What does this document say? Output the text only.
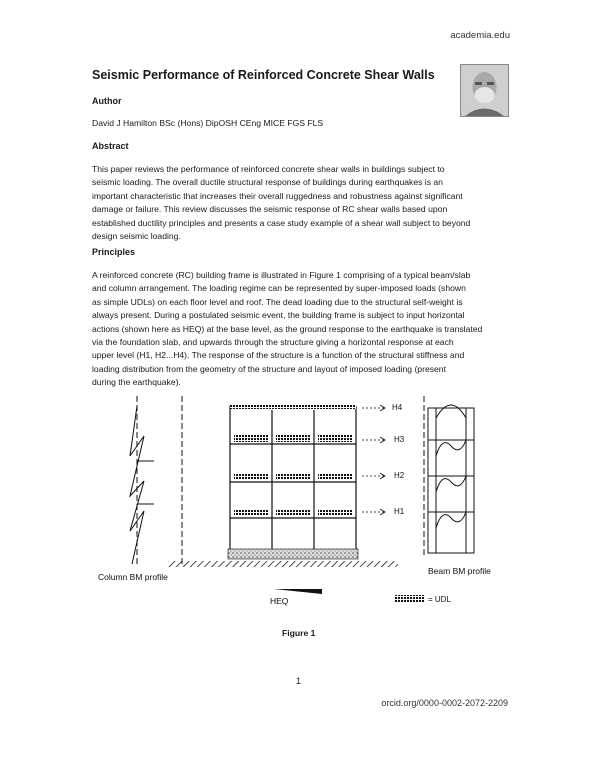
academia.edu
Seismic Performance of Reinforced Concrete Shear Walls
Author
David J Hamilton BSc (Hons) DipOSH CEng MICE FGS FLS
Abstract
This paper reviews the performance of reinforced concrete shear walls in buildings subject to
seismic loading. The overall ductile structural response of buildings during earthquakes is an
important characteristic that increases their overall ruggedness and robustness against significant
damage or failure. This review discusses the seismic response of RC shear walls based upon
established ductility principles and presents a case study example of a shear wall subject to beyond
design seismic loading.
Principles
A reinforced concrete (RC) building frame is illustrated in Figure 1 comprising of a typical beam/slab
and column arrangement. The loading regime can be represented by super-imposed loads (shown
as simple UDLs) on each floor level and roof. The dead loading due to the structural self-weight is
always present. During a postulated seismic event, the building frame is subject to input horizontal
actions (shown here as HEQ) at the base level, as the ground response to the earthquake is translated
via the foundation slab, and upwards through the structure giving a horizontal response at each
upper level (H1, H2...H4). The response of the structure is a function of the structural stiffness and
loading distribution from the geometry of the structure and layout of imposed loading (present
during the earthquake).
H4
H3
H2
H1
HEQ	= UDL
Column BM profile
Beam BM profile
Figure 1
1
orcid.org/0000-0002-2072-2209
